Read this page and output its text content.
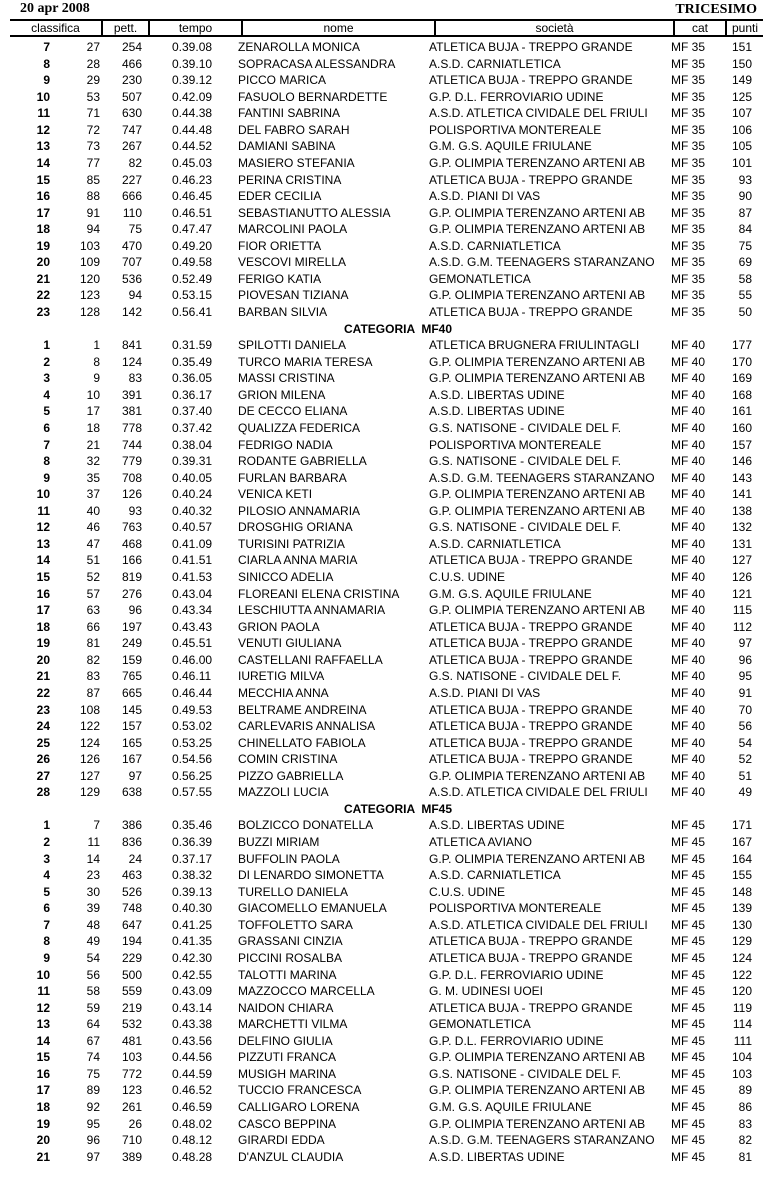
20 apr 2008	TRICESIMO
classifica	pett.	tempo	nome	società	cat	punti
7	27	254	0.39.08	ZENAROLLA MONICA	ATLETICA BUJA - TREPPO GRANDE	MF 35	151
8	28	466	0.39.10	SOPRACASA ALESSANDRA	A.S.D. CARNIATLETICA	MF 35	150
9	29	230	0.39.12	PICCO MARICA	ATLETICA BUJA - TREPPO GRANDE	MF 35	149
10	53	507	0.42.09	FASUOLO BERNARDETTE	G.P. D.L. FERROVIARIO UDINE	MF 35	125
11	71	630	0.44.38	FANTINI SABRINA	A.S.D. ATLETICA CIVIDALE DEL FRIULI	MF 35	107
12	72	747	0.44.48	DEL FABRO SARAH	POLISPORTIVA MONTEREALE	MF 35	106
13	73	267	0.44.52	DAMIANI SABINA	G.M. G.S. AQUILE FRIULANE	MF 35	105
14	77	82	0.45.03	MASIERO STEFANIA	G.P. OLIMPIA TERENZANO ARTENI AB	MF 35	101
15	85	227	0.46.23	PERINA CRISTINA	ATLETICA BUJA - TREPPO GRANDE	MF 35	93
16	88	666	0.46.45	EDER CECILIA	A.S.D. PIANI DI VAS	MF 35	90
17	91	110	0.46.51	SEBASTIANUTTO ALESSIA	G.P. OLIMPIA TERENZANO ARTENI AB	MF 35	87
18	94	75	0.47.47	MARCOLINI PAOLA	G.P. OLIMPIA TERENZANO ARTENI AB	MF 35	84
19	103	470	0.49.20	FIOR ORIETTA	A.S.D. CARNIATLETICA	MF 35	75
20	109	707	0.49.58	VESCOVI MIRELLA	A.S.D. G.M. TEENAGERS STARANZANO	MF 35	69
21	120	536	0.52.49	FERIGO KATIA	GEMONATLETICA	MF 35	58
22	123	94	0.53.15	PIOVESAN TIZIANA	G.P. OLIMPIA TERENZANO ARTENI AB	MF 35	55
23	128	142	0.56.41	BARBAN SILVIA	ATLETICA BUJA - TREPPO GRANDE	MF 35	50
CATEGORIA  MF40
1	1	841	0.31.59	SPILOTTI DANIELA	ATLETICA BRUGNERA FRIULINTAGLI	MF 40	177
2	8	124	0.35.49	TURCO MARIA TERESA	G.P. OLIMPIA TERENZANO ARTENI AB	MF 40	170
3	9	83	0.36.05	MASSI CRISTINA	G.P. OLIMPIA TERENZANO ARTENI AB	MF 40	169
4	10	391	0.36.17	GRION MILENA	A.S.D. LIBERTAS UDINE	MF 40	168
5	17	381	0.37.40	DE CECCO ELIANA	A.S.D. LIBERTAS UDINE	MF 40	161
6	18	778	0.37.42	QUALIZZA FEDERICA	G.S. NATISONE - CIVIDALE DEL F.	MF 40	160
7	21	744	0.38.04	FEDRIGO NADIA	POLISPORTIVA MONTEREALE	MF 40	157
8	32	779	0.39.31	RODANTE GABRIELLA	G.S. NATISONE - CIVIDALE DEL F.	MF 40	146
9	35	708	0.40.05	FURLAN BARBARA	A.S.D. G.M. TEENAGERS STARANZANO	MF 40	143
10	37	126	0.40.24	VENICA KETI	G.P. OLIMPIA TERENZANO ARTENI AB	MF 40	141
11	40	93	0.40.32	PILOSIO ANNAMARIA	G.P. OLIMPIA TERENZANO ARTENI AB	MF 40	138
12	46	763	0.40.57	DROSGHIG ORIANA	G.S. NATISONE - CIVIDALE DEL F.	MF 40	132
13	47	468	0.41.09	TURISINI PATRIZIA	A.S.D. CARNIATLETICA	MF 40	131
14	51	166	0.41.51	CIARLA ANNA MARIA	ATLETICA BUJA - TREPPO GRANDE	MF 40	127
15	52	819	0.41.53	SINICCO ADELIA	C.U.S. UDINE	MF 40	126
16	57	276	0.43.04	FLOREANI ELENA CRISTINA	G.M. G.S. AQUILE FRIULANE	MF 40	121
17	63	96	0.43.34	LESCHIUTTA ANNAMARIA	G.P. OLIMPIA TERENZANO ARTENI AB	MF 40	115
18	66	197	0.43.43	GRION PAOLA	ATLETICA BUJA - TREPPO GRANDE	MF 40	112
19	81	249	0.45.51	VENUTI GIULIANA	ATLETICA BUJA - TREPPO GRANDE	MF 40	97
20	82	159	0.46.00	CASTELLANI RAFFAELLA	ATLETICA BUJA - TREPPO GRANDE	MF 40	96
21	83	765	0.46.11	IURETIG MILVA	G.S. NATISONE - CIVIDALE DEL F.	MF 40	95
22	87	665	0.46.44	MECCHIA ANNA	A.S.D. PIANI DI VAS	MF 40	91
23	108	145	0.49.53	BELTRAME ANDREINA	ATLETICA BUJA - TREPPO GRANDE	MF 40	70
24	122	157	0.53.02	CARLEVARIS ANNALISA	ATLETICA BUJA - TREPPO GRANDE	MF 40	56
25	124	165	0.53.25	CHINELLATO FABIOLA	ATLETICA BUJA - TREPPO GRANDE	MF 40	54
26	126	167	0.54.56	COMIN CRISTINA	ATLETICA BUJA - TREPPO GRANDE	MF 40	52
27	127	97	0.56.25	PIZZO GABRIELLA	G.P. OLIMPIA TERENZANO ARTENI AB	MF 40	51
28	129	638	0.57.55	MAZZOLI LUCIA	A.S.D. ATLETICA CIVIDALE DEL FRIULI	MF 40	49
CATEGORIA  MF45
1	7	386	0.35.46	BOLZICCO DONATELLA	A.S.D. LIBERTAS UDINE	MF 45	171
2	11	836	0.36.39	BUZZI MIRIAM	ATLETICA AVIANO	MF 45	167
3	14	24	0.37.17	BUFFOLIN PAOLA	G.P. OLIMPIA TERENZANO ARTENI AB	MF 45	164
4	23	463	0.38.32	DI LENARDO SIMONETTA	A.S.D. CARNIATLETICA	MF 45	155
5	30	526	0.39.13	TURELLO DANIELA	C.U.S. UDINE	MF 45	148
6	39	748	0.40.30	GIACOMELLO EMANUELA	POLISPORTIVA MONTEREALE	MF 45	139
7	48	647	0.41.25	TOFFOLETTO SARA	A.S.D. ATLETICA CIVIDALE DEL FRIULI	MF 45	130
8	49	194	0.41.35	GRASSANI CINZIA	ATLETICA BUJA - TREPPO GRANDE	MF 45	129
9	54	229	0.42.30	PICCINI ROSALBA	ATLETICA BUJA - TREPPO GRANDE	MF 45	124
10	56	500	0.42.55	TALOTTI MARINA	G.P. D.L. FERROVIARIO UDINE	MF 45	122
11	58	559	0.43.09	MAZZOCCO MARCELLA	G. M. UDINESI UOEI	MF 45	120
12	59	219	0.43.14	NAIDON CHIARA	ATLETICA BUJA - TREPPO GRANDE	MF 45	119
13	64	532	0.43.38	MARCHETTI VILMA	GEMONATLETICA	MF 45	114
14	67	481	0.43.56	DELFINO GIULIA	G.P. D.L. FERROVIARIO UDINE	MF 45	111
15	74	103	0.44.56	PIZZUTI FRANCA	G.P. OLIMPIA TERENZANO ARTENI AB	MF 45	104
16	75	772	0.44.59	MUSIGH MARINA	G.S. NATISONE - CIVIDALE DEL F.	MF 45	103
17	89	123	0.46.52	TUCCIO FRANCESCA	G.P. OLIMPIA TERENZANO ARTENI AB	MF 45	89
18	92	261	0.46.59	CALLIGARO LORENA	G.M. G.S. AQUILE FRIULANE	MF 45	86
19	95	26	0.48.02	CASCO BEPPINA	G.P. OLIMPIA TERENZANO ARTENI AB	MF 45	83
20	96	710	0.48.12	GIRARDI EDDA	A.S.D. G.M. TEENAGERS STARANZANO	MF 45	82
21	97	389	0.48.28	D'ANZUL CLAUDIA	A.S.D. LIBERTAS UDINE	MF 45	81
